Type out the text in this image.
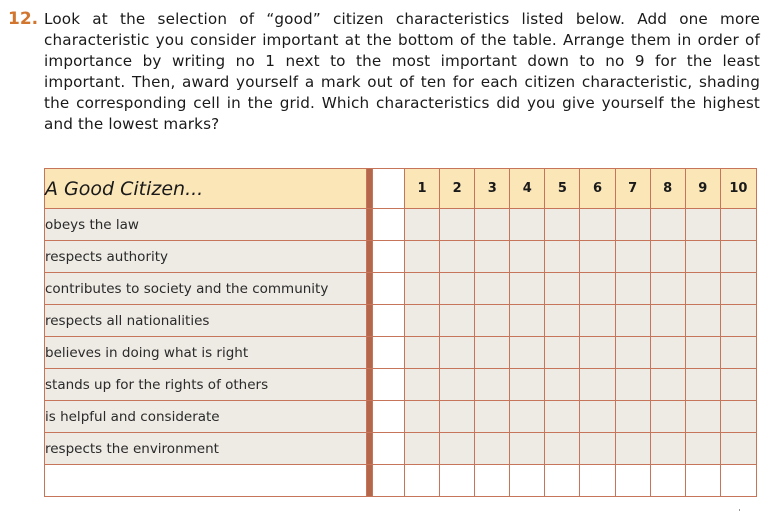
12. Look at the selection of “good” citizen characteristics listed below. Add one more characteristic you consider important at the bottom of the table. Arrange them in order of importance by writing no 1 next to the most important down to no 9 for the least important. Then, award yourself a mark out of ten for each citizen characteristic, shading the corresponding cell in the grid. Which characteristics did you give yourself the highest and the lowest marks?
A Good Citizen...			1	2	3	4	5	6	7	8	9	10
obeys the law												
respects authority												
contributes to society and the community												
respects all nationalities												
believes in doing what is right												
stands up for the rights of others												
is helpful and considerate												
respects the environment												

˙
